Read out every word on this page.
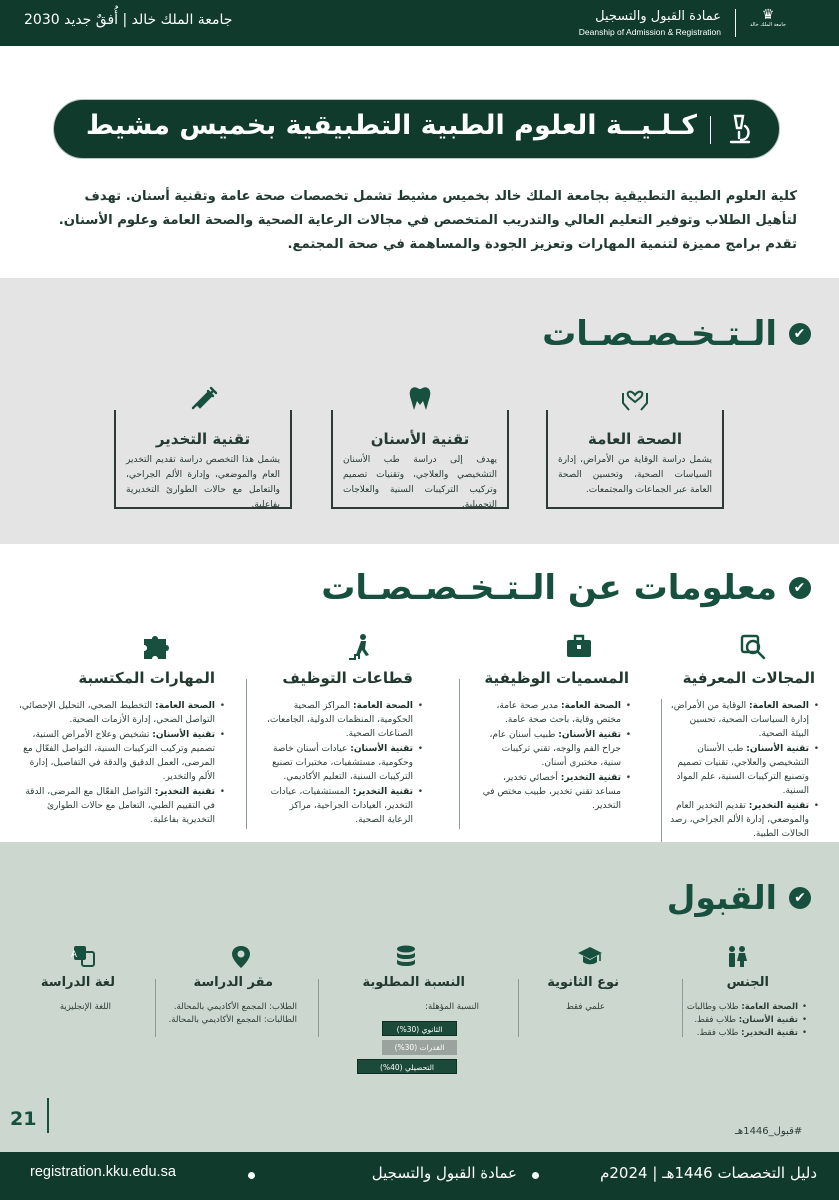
♛
جامعة الملك خالد
عمادة القبول والتسجيل
Deanship of Admission & Registration
جامعة الملك خالد | أُفقٌ جديد 2030
كـلـيــة العلوم الطبية التطبيقية بخميس مشيط

كلية العلوم الطبية التطبيقية بجامعة الملك خالد بخميس مشيط تشمل تخصصات صحة عامة وتقنية أسنان. تهدف لتأهيل الطلاب وتوفير التعليم العالي والتدريب المتخصص في مجالات الرعاية الصحية والصحة العامة وعلوم الأسنان. تقدم برامج مميزة لتنمية المهارات وتعزيز الجودة والمساهمة في صحة المجتمع.

✔
الـتـخـصـصـات
الصحة العامة
يشمل دراسة الوقاية من الأمراض، إدارة السياسات الصحية، وتحسين الصحة العامة عبر الجماعات والمجتمعات.
تقنية الأسنان
يهدف إلى دراسة طب الأسنان التشخيصي والعلاجي، وتقنيات تصميم وتركيب التركيبات السنية والعلاجات التجميلية.
تقنية التخدير
يشمل هذا التخصص دراسة تقديم التخدير العام والموضعي، وإدارة الألم الجراحي، والتعامل مع حالات الطوارئ التخديرية بفاعلية.
✔
معلومات عن الـتـخـصـصـات
المجالات المعرفية
• الصحة العامة: الوقاية من الأمراض، إدارة السياسات الصحية، تحسين البيئة الصحية.
• تقنية الأسنان: طب الأسنان التشخيصي والعلاجي، تقنيات تصميم وتصنيع التركيبات السنية، علم المواد السنية.
• تقنية التخدير: تقديم التخدير العام والموضعي، إدارة الألم الجراحي، رصد الحالات الطبية.
المسميات الوظيفية
• الصحة العامة: مدير صحة عامة، مختص وقاية، باحث صحة عامة.
• تقنية الأسنان: طبيب أسنان عام، جراح الفم والوجه، تقني تركيبات سنية، مختبري أسنان.
• تقنية التخدير: أخصائي تخدير، مساعد تقني تخدير، طبيب مختص في التخدير.
قطاعات التوظيف
• الصحة العامة: المراكز الصحية الحكومية، المنظمات الدولية، الجامعات، الصناعات الصحية.
• تقنية الأسنان: عيادات أسنان خاصة وحكومية، مستشفيات، مختبرات تصنيع التركيبات السنية، التعليم الأكاديمي.
• تقنية التخدير: المستشفيات، عيادات التخدير، العيادات الجراحية، مراكز الرعاية الصحية.
المهارات المكتسبة
• الصحة العامة: التخطيط الصحي، التحليل الإحصائي، التواصل الصحي، إدارة الأزمات الصحية.
• تقنية الأسنان: تشخيص وعلاج الأمراض السنية، تصميم وتركيب التركيبات السنية، التواصل الفعّال مع المرضى، العمل الدقيق والدقة في التفاصيل، إدارة الألم والتخدير.
• تقنية التخدير: التواصل الفعّال مع المرضى، الدقة في التقييم الطبي، التعامل مع حالات الطوارئ التخديرية بفاعلية.
✔
القبول
الجنس
• الصحة العامة: طلاب وطالبات
• تقنية الأسنان: طلاب فقط.
• تقنية التخدير: طلاب فقط.
نوع الثانوية
علمي فقط
النسبة المطلوبة
النسبة المؤهلة:
الثانوي (30%)
القدرات (30%)
التحصيلي (40%)
مقر الدراسة
الطلاب: المجمع الأكاديمي بالمحالة.
الطالبات: المجمع الأكاديمي بالمحالة.
A
لغة الدراسة
اللغة الإنجليزية
21
#قبول_1446هـ
دليل التخصصات 1446هـ | 2024م
عمادة القبول والتسجيل
registration.kku.edu.sa
